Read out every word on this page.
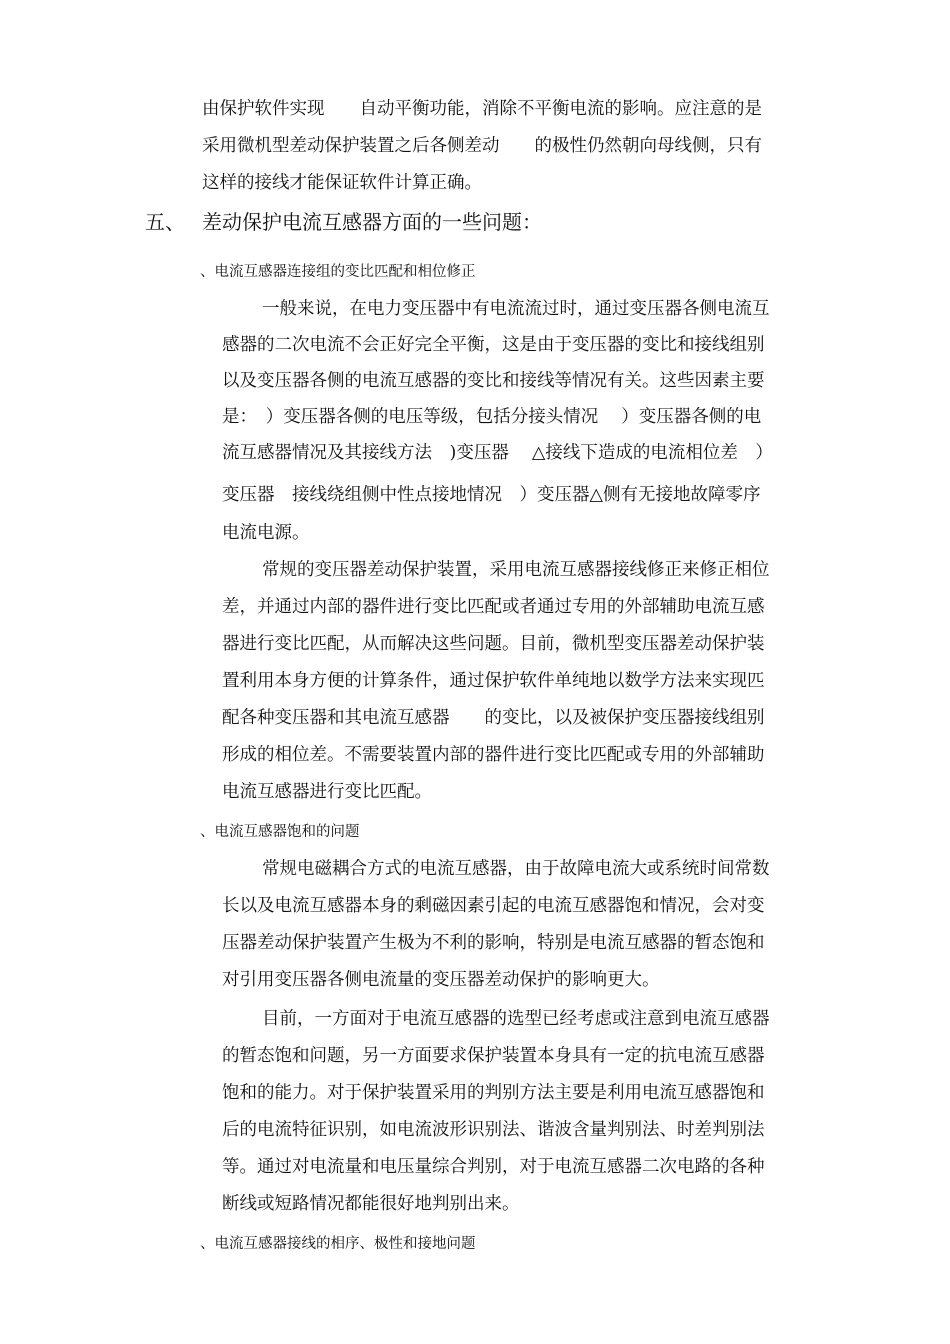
由保护软件实现　　自动平衡功能，消除不平衡电流的影响。应注意的是
采用微机型差动保护装置之后各侧差动　　的极性仍然朝向母线侧，只有
这样的接线才能保证软件计算正确。
五、 差动保护电流互感器方面的一些问题：
、电流互感器连接组的变比匹配和相位修正
一般来说，在电力变压器中有电流流过时，通过变压器各侧电流互
感器的二次电流不会正好完全平衡，这是由于变压器的变比和接线组别
以及变压器各侧的电流互感器的变比和接线等情况有关。这些因素主要
是：　）变压器各侧的电压等级，包括分接头情况　 ）变压器各侧的电
流互感器情况及其接线方法　)变压器　 △接线下造成的电流相位差　）
变压器　接线绕组侧中性点接地情况　）变压器△侧有无接地故障零序
电流电源。
常规的变压器差动保护装置，采用电流互感器接线修正来修正相位
差，并通过内部的器件进行变比匹配或者通过专用的外部辅助电流互感
器进行变比匹配，从而解决这些问题。目前，微机型变压器差动保护装
置利用本身方便的计算条件，通过保护软件单纯地以数学方法来实现匹
配各种变压器和其电流互感器　　的变比，以及被保护变压器接线组别
形成的相位差。不需要装置内部的器件进行变比匹配或专用的外部辅助
电流互感器进行变比匹配。
、电流互感器饱和的问题
常规电磁耦合方式的电流互感器，由于故障电流大或系统时间常数
长以及电流互感器本身的剩磁因素引起的电流互感器饱和情况，会对变
压器差动保护装置产生极为不利的影响，特别是电流互感器的暂态饱和
对引用变压器各侧电流量的变压器差动保护的影响更大。
目前，一方面对于电流互感器的选型已经考虑或注意到电流互感器
的暂态饱和问题，另一方面要求保护装置本身具有一定的抗电流互感器
饱和的能力。对于保护装置采用的判别方法主要是利用电流互感器饱和
后的电流特征识别，如电流波形识别法、谐波含量判别法、时差判别法
等。通过对电流量和电压量综合判别，对于电流互感器二次电路的各种
断线或短路情况都能很好地判别出来。
、电流互感器接线的相序、极性和接地问题
